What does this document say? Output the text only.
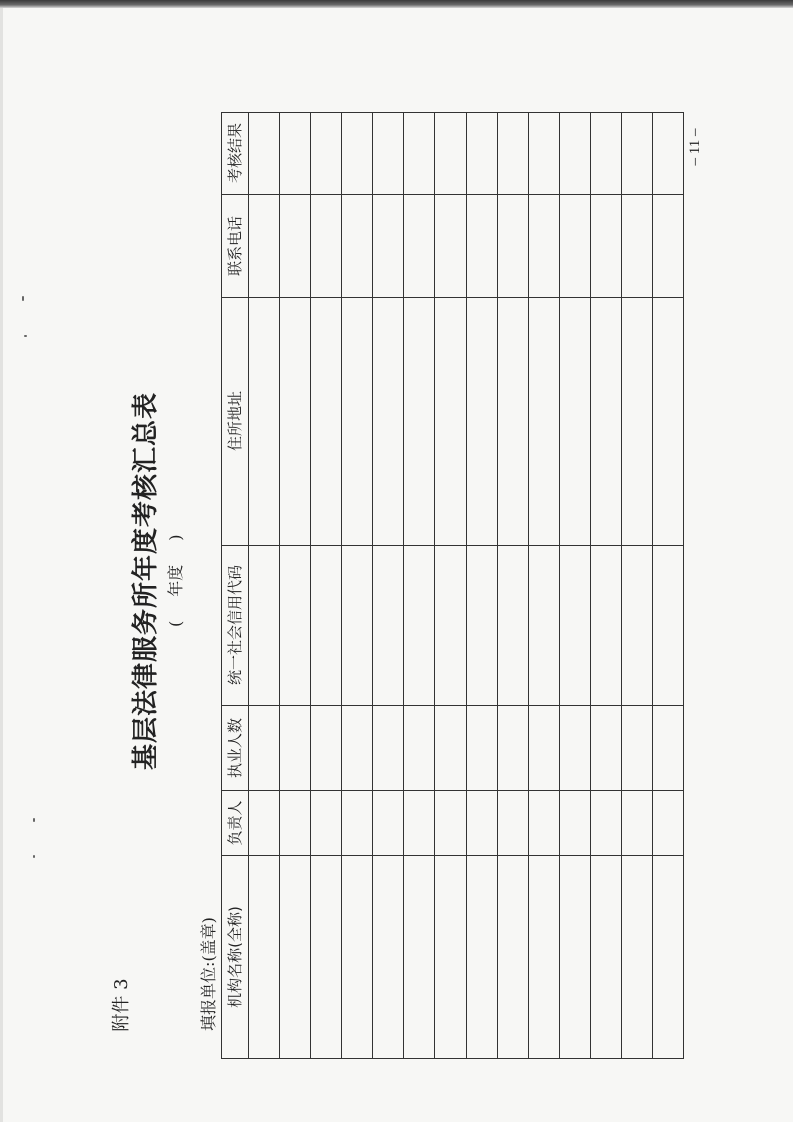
附件 3
基层法律服务所年度考核汇总表 (年度)
填报单位:(盖章)
– 11 –
机构名称(全称)
负责人
执业人数
统一社会信用代码
住所地址
联系电话
考核结果
